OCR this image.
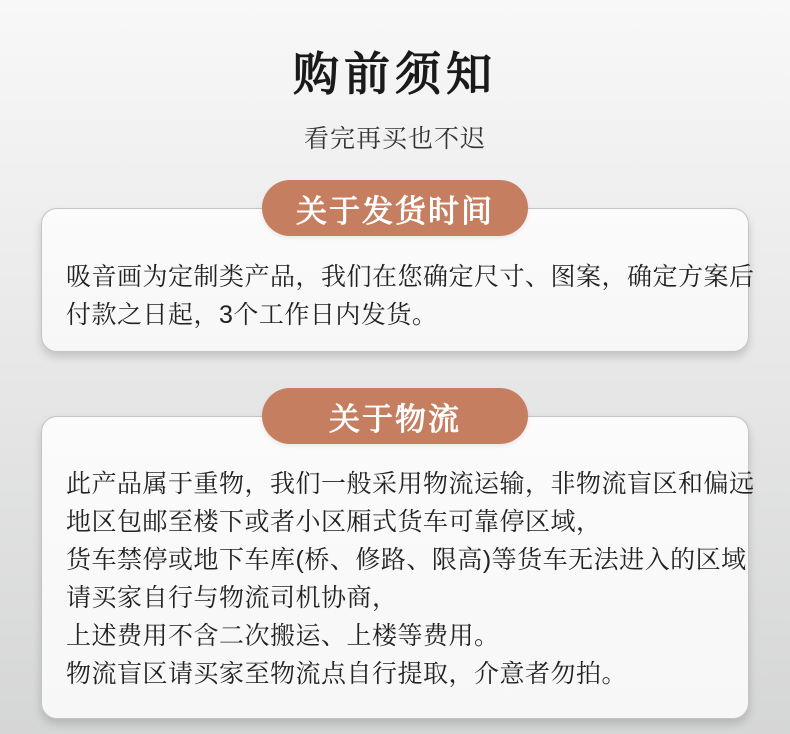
购前须知
看完再买也不迟
关于发货时间

吸音画为定制类产品，我们在您确定尺寸、图案，确定方案后

付款之日起，3个工作日内发货。

关于物流

此产品属于重物，我们一般采用物流运输，非物流盲区和偏远

地区包邮至楼下或者小区厢式货车可靠停区域，

货车禁停或地下车库(桥、修路、限高)等货车无法进入的区域

请买家自行与物流司机协商，

上述费用不含二次搬运、上楼等费用。

物流盲区请买家至物流点自行提取，介意者勿拍。
